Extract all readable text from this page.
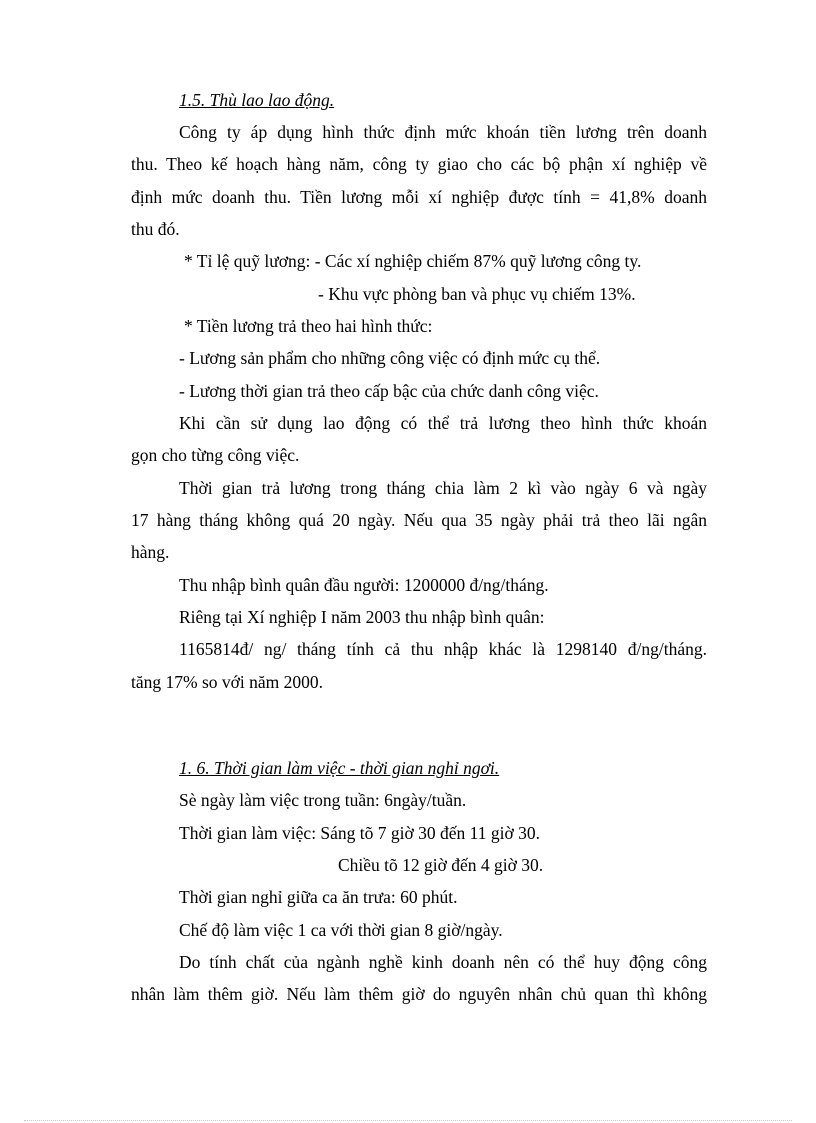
1.5. Thù lao lao động.
Công ty áp dụng hình thức định mức khoán tiền lương trên doanh
thu. Theo kế hoạch hàng năm, công ty giao cho các bộ phận xí nghiệp về
định mức doanh thu. Tiền lương mỗi xí nghiệp được tính = 41,8% doanh
thu đó.
* Tỉ lệ quỹ lương: - Các xí nghiệp chiếm 87% quỹ lương công ty.
- Khu vực phòng ban và phục vụ chiếm 13%.
* Tiền lương trả theo hai hình thức:
- Lương sản phẩm cho những công việc có định mức cụ thể.
- Lương thời gian trả theo cấp bậc của chức danh công việc.
Khi cần sử dụng lao động có thể trả lương theo hình thức khoán
gọn cho từng công việc.
Thời gian trả lương trong tháng chia làm 2 kì vào ngày 6 và ngày
17 hàng tháng không quá 20 ngày. Nếu qua 35 ngày phải trả theo lãi ngân
hàng.
Thu nhập bình quân đầu người: 1200000 đ/ng/tháng.
Riêng tại Xí nghiệp I năm 2003 thu nhập bình quân:
1165814đ/ ng/ tháng tính cả thu nhập khác là 1298140 đ/ng/tháng.
tăng 17% so với năm 2000.
1. 6. Thời gian làm việc - thời gian nghỉ ngơi.
Sè ngày làm việc trong tuần: 6ngày/tuần.
Thời gian làm việc: Sáng tõ 7 giờ 30 đến 11 giờ 30.
Chiều tõ 12 giờ đến 4 giờ 30.
Thời gian nghỉ giữa ca ăn trưa: 60 phút.
Chế độ làm việc 1 ca với thời gian 8 giờ/ngày.
Do tính chất của ngành nghề kinh doanh nên có thể huy động công
nhân làm thêm giờ. Nếu làm thêm giờ do nguyên nhân chủ quan thì không
